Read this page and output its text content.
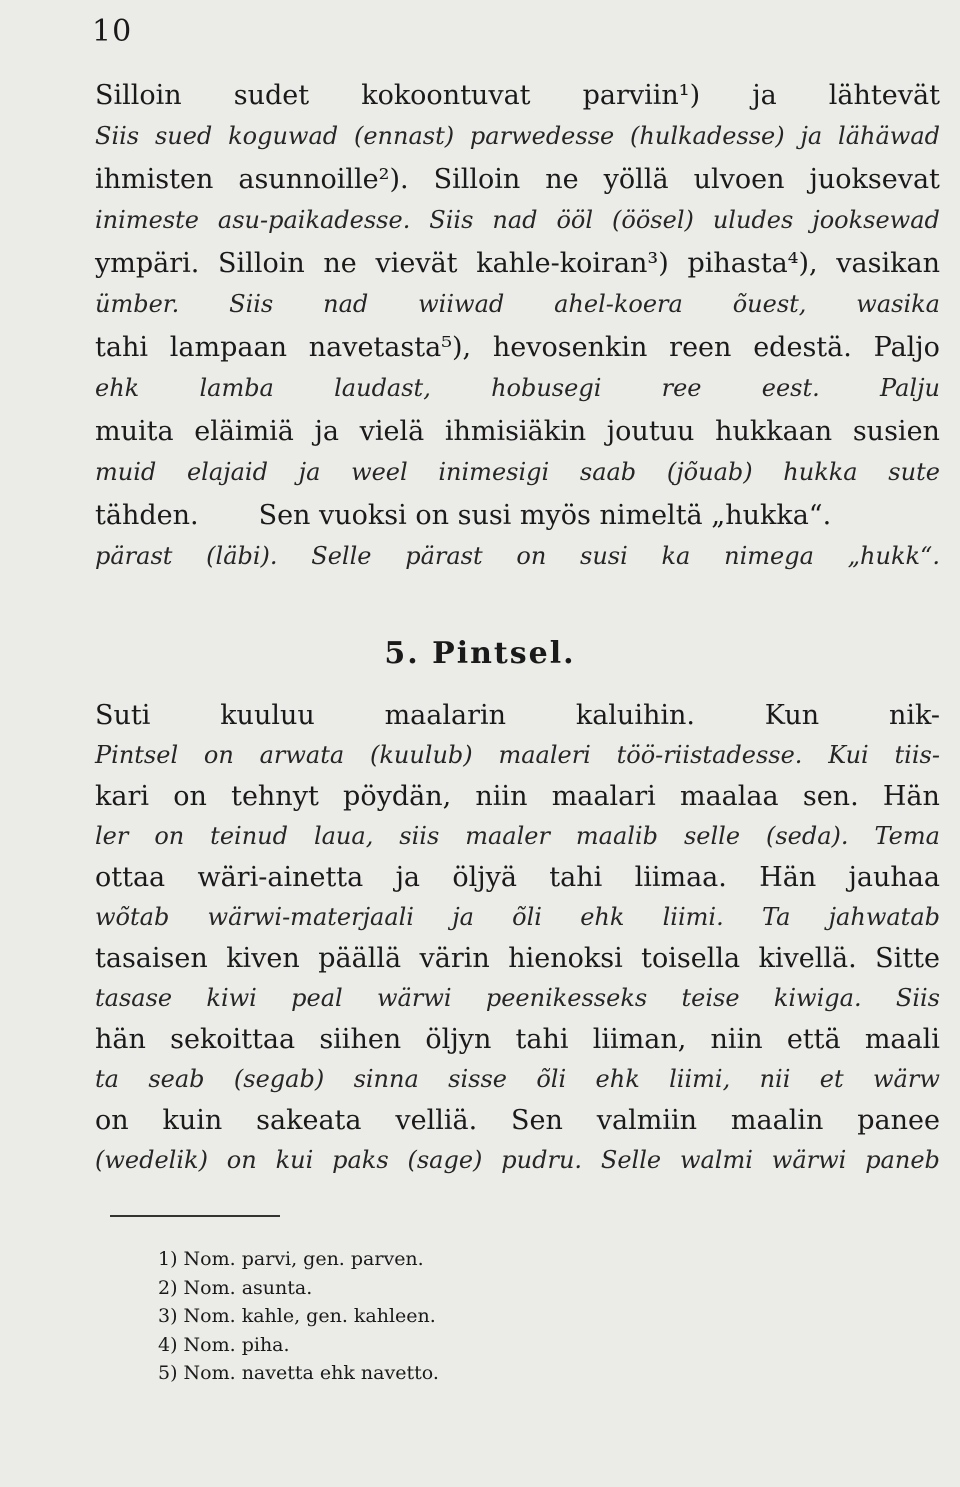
10
Silloin sudet kokoontuvat parviin¹) ja lähtevät
Siis sued koguwad (ennast) parwedesse (hulkadesse) ja lähäwad
ihmisten asunnoille²). Silloin ne yöllä ulvoen juoksevat
inimeste asu-paikadesse. Siis nad ööl (öösel) uludes jooksewad
ympäri. Silloin ne vievät kahle-koiran³) pihasta⁴), vasikan
ümber. Siis nad wiiwad ahel-koera õuest, wasika
tahi lampaan navetasta⁵), hevosenkin reen edestä. Paljo
ehk	lamba	laudast,	hobusegi	ree	eest.	Palju
muita eläimiä ja vielä ihmisiäkin joutuu hukkaan susien
muid elajaid ja weel inimesigi saab (jõuab) hukka sute
tähden. Sen vuoksi on susi myös nimeltä „hukka“.
pärast (läbi). Selle pärast on susi ka nimega „hukk“.
5. Pintsel.
Suti	kuuluu	maalarin	kaluihin.	Kun	nik-
Pintsel on arwata (kuulub) maaleri töö-riistadesse. Kui tiis-
kari on tehnyt pöydän, niin maalari maalaa sen. Hän
ler on teinud laua, siis maaler maalib selle (seda). Tema
ottaa wäri-ainetta ja öljyä tahi liimaa. Hän jauhaa
wõtab wärwi-materjaali ja õli ehk liimi. Ta jahwatab
tasaisen kiven päällä värin hienoksi toisella kivellä. Sitte
tasase kiwi peal wärwi peenikesseks teise kiwiga. Siis
hän sekoittaa siihen öljyn tahi liiman, niin että maali
ta seab (segab) sinna sisse õli ehk liimi, nii et wärw
on kuin sakeata velliä. Sen valmiin maalin panee
(wedelik) on kui paks (sage) pudru. Selle walmi wärwi paneb
1) Nom. parvi, gen. parven.
2) Nom. asunta.
3) Nom. kahle, gen. kahleen.
4) Nom. piha.
5) Nom. navetta ehk navetto.
